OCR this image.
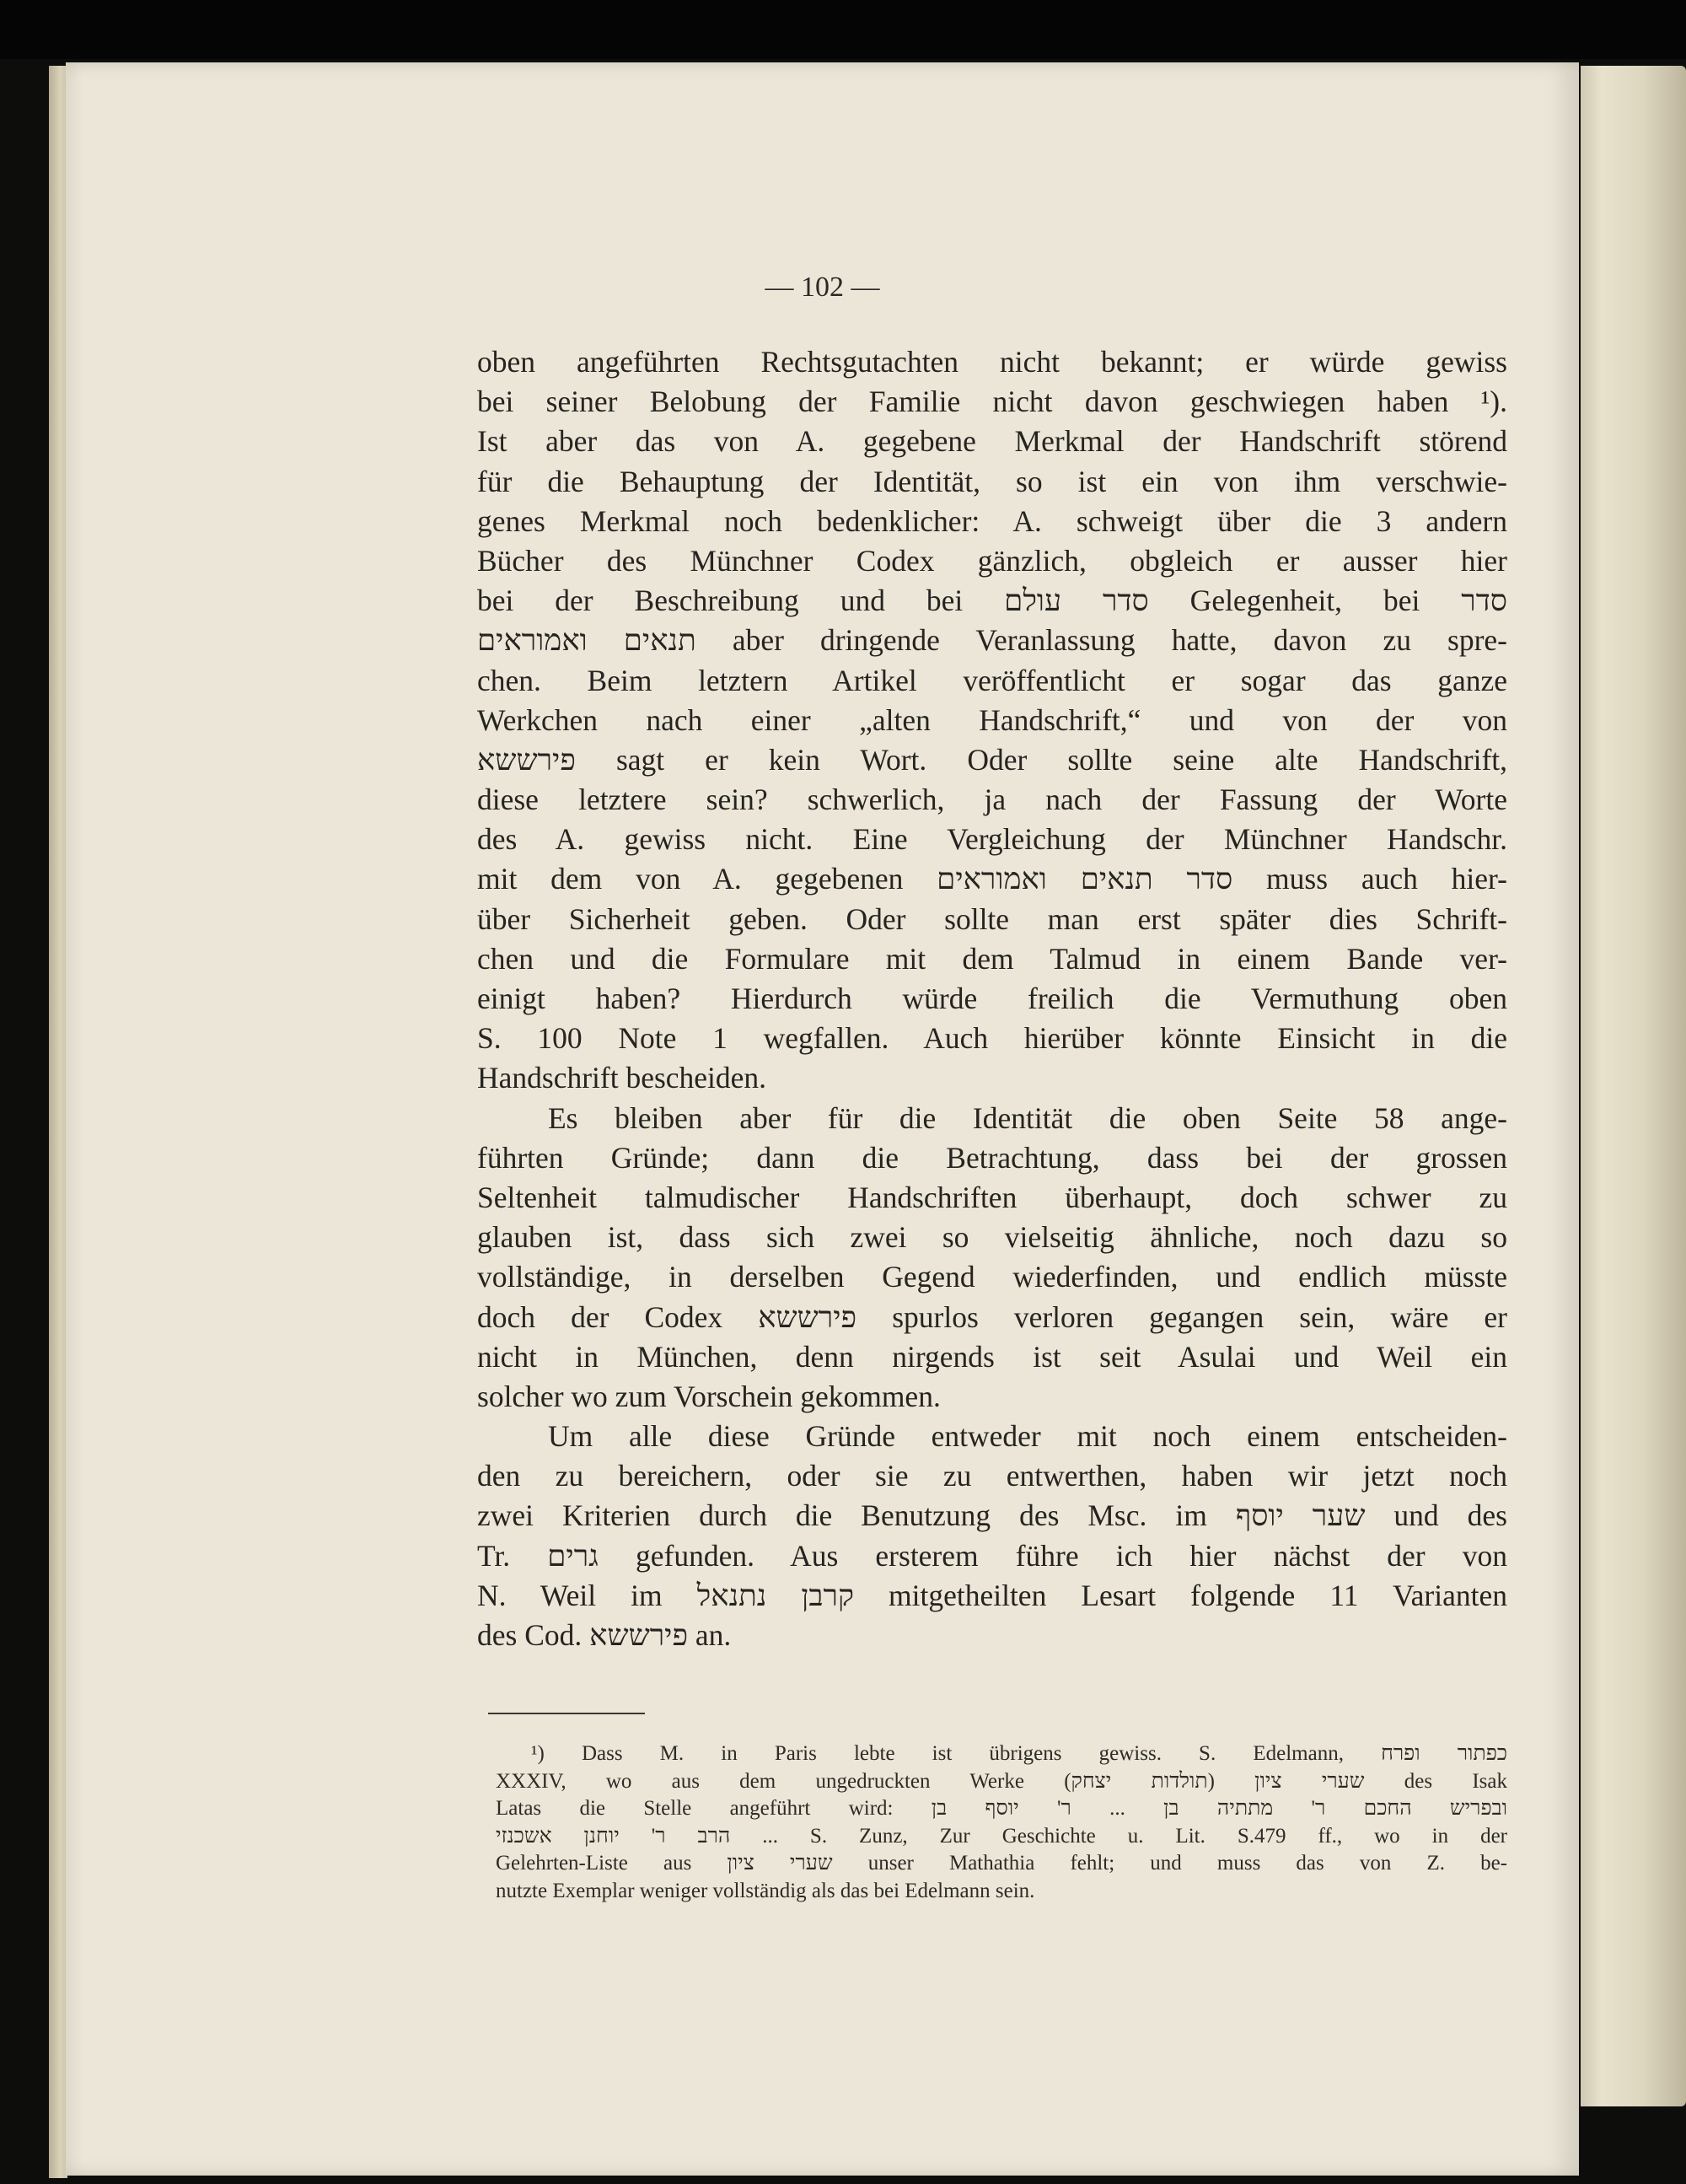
— 102 —
oben angeführten Rechtsgutachten nicht bekannt; er würde gewiss
bei seiner Belobung der Familie nicht davon geschwiegen haben ¹).
Ist aber das von A. gegebene Merkmal der Handschrift störend
für die Behauptung der Identität, so ist ein von ihm verschwie-
genes Merkmal noch bedenklicher: A. schweigt über die 3 andern
Bücher des Münchner Codex gänzlich, obgleich er ausser hier
bei der Beschreibung und bei סדר עולם Gelegenheit, bei סדר
תנאים ואמוראים aber dringende Veranlassung hatte, davon zu spre-
chen. Beim letztern Artikel veröffentlicht er sogar das ganze
Werkchen nach einer „alten Handschrift,“ und von der von
פירששא sagt er kein Wort. Oder sollte seine alte Handschrift,
diese letztere sein? schwerlich, ja nach der Fassung der Worte
des A. gewiss nicht. Eine Vergleichung der Münchner Handschr.
mit dem von A. gegebenen סדר תנאים ואמוראים muss auch hier-
über Sicherheit geben. Oder sollte man erst später dies Schrift-
chen und die Formulare mit dem Talmud in einem Bande ver-
einigt haben? Hierdurch würde freilich die Vermuthung oben
S. 100 Note 1 wegfallen. Auch hierüber könnte Einsicht in die
Handschrift bescheiden.
Es bleiben aber für die Identität die oben Seite 58 ange-
führten Gründe; dann die Betrachtung, dass bei der grossen
Seltenheit talmudischer Handschriften überhaupt, doch schwer zu
glauben ist, dass sich zwei so vielseitig ähnliche, noch dazu so
vollständige, in derselben Gegend wiederfinden, und endlich müsste
doch der Codex פירששא spurlos verloren gegangen sein, wäre er
nicht in München, denn nirgends ist seit Asulai und Weil ein
solcher wo zum Vorschein gekommen.
Um alle diese Gründe entweder mit noch einem entscheiden-
den zu bereichern, oder sie zu entwerthen, haben wir jetzt noch
zwei Kriterien durch die Benutzung des Msc. im שער יוסף und des
Tr. גרים gefunden. Aus ersterem führe ich hier nächst der von
N. Weil im קרבן נתנאל mitgetheilten Lesart folgende 11 Varianten
des Cod. פירששא an.
¹) Dass M. in Paris lebte ist übrigens gewiss. S. Edelmann, כפתור ופרח
XXXIV, wo aus dem ungedruckten Werke שערי ציון (תולדות יצחק) des Isak
Latas die Stelle angeführt wird: ובפריש החכם ר' מתתיה בן ... ר' יוסף בן
הרב ר' יוחנן אשכנזי ... S. Zunz, Zur Geschichte u. Lit. S.479 ff., wo in der
Gelehrten-Liste aus שערי ציון unser Mathathia fehlt; und muss das von Z. be-
nutzte Exemplar weniger vollständig als das bei Edelmann sein.
